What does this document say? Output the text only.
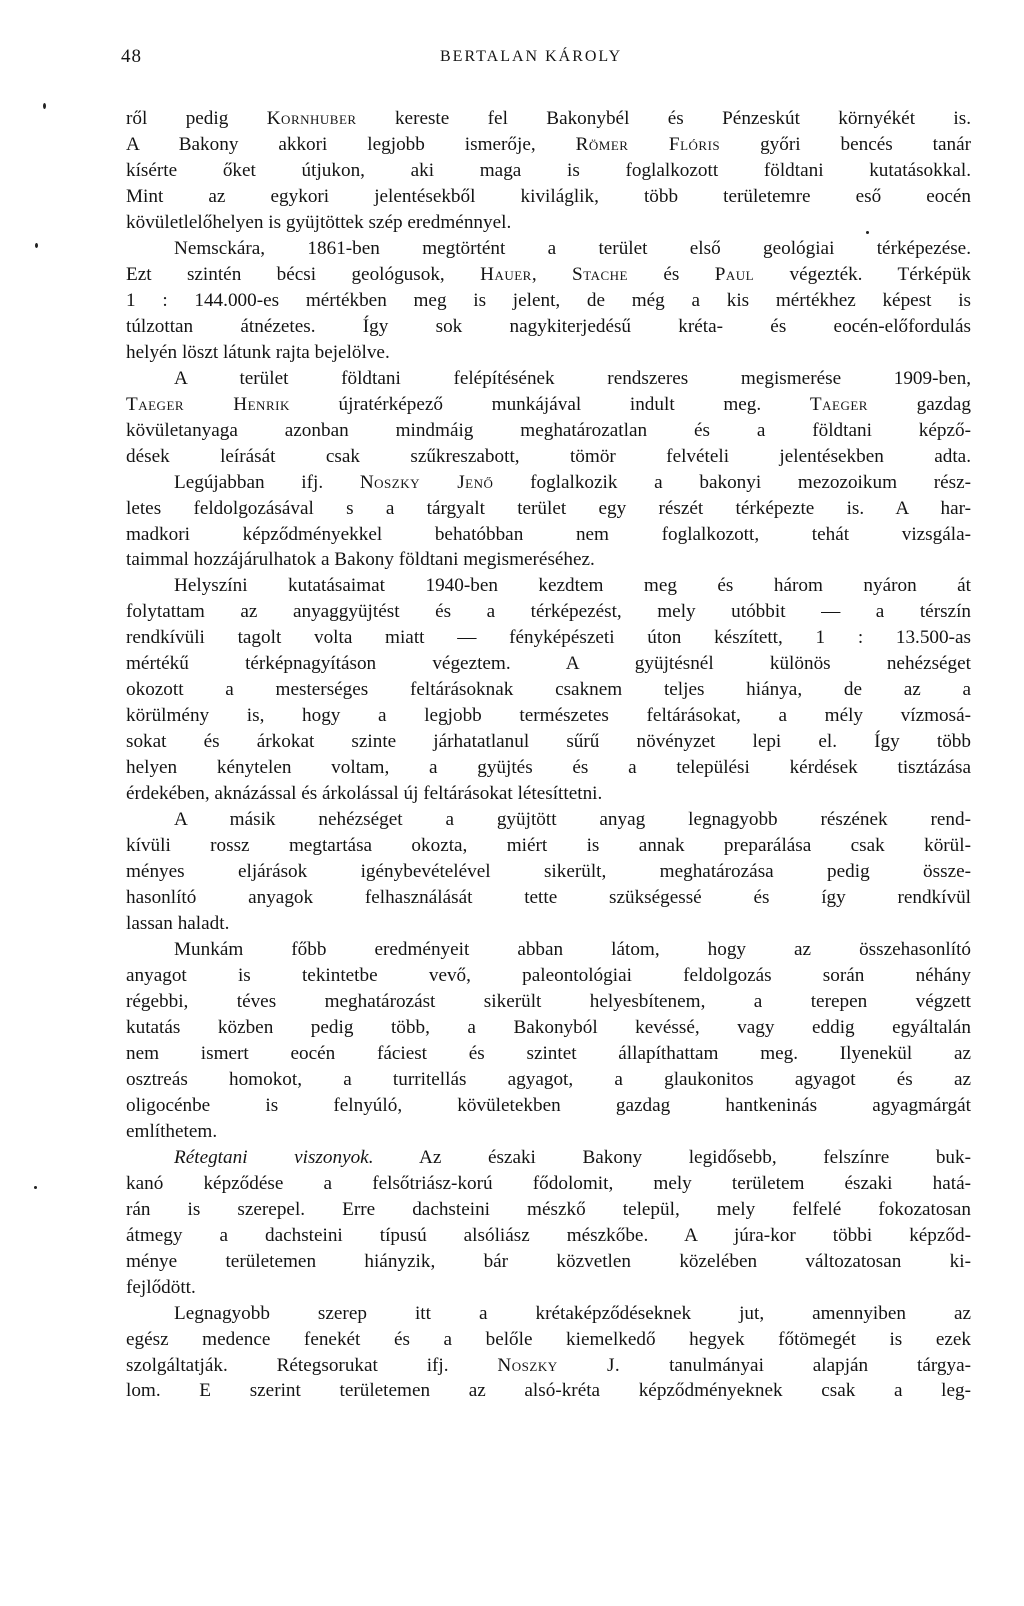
48	BERTALAN KÁROLY
ről pedig Kornhuber kereste fel Bakonybél és Pénzeskút környékét is.
A Bakony akkori legjobb ismerője, Römer Flóris győri bencés tanár
kísérte őket útjukon, aki maga is foglalkozott földtani kutatásokkal.
Mint az egykori jelentésekből kiviláglik, több területemre eső eocén
kövületlelőhelyen is gyüjtöttek szép eredménnyel.
Nemsckára, 1861-ben megtörtént a terület első geológiai térképezése.
Ezt szintén bécsi geológusok, Hauer, Stache és Paul végezték. Térképük
1 : 144.000-es mértékben meg is jelent, de még a kis mértékhez képest is
túlzottan átnézetes. Így sok nagykiterjedésű kréta- és eocén-előfordulás
helyén löszt látunk rajta bejelölve.
A terület földtani felépítésének rendszeres megismerése 1909-ben,
Taeger Henrik újratérképező munkájával indult meg. Taeger gazdag
kövületanyaga azonban mindmáig meghatározatlan és a földtani képző-
dések leírását csak szűkreszabott, tömör felvételi jelentésekben adta.
Legújabban ifj. Noszky Jenő foglalkozik a bakonyi mezozoikum rész-
letes feldolgozásával s a tárgyalt terület egy részét térképezte is. A har-
madkori képződményekkel behatóbban nem foglalkozott, tehát vizsgála-
taimmal hozzájárulhatok a Bakony földtani megismeréséhez.
Helyszíni kutatásaimat 1940-ben kezdtem meg és három nyáron át
folytattam az anyaggyüjtést és a térképezést, mely utóbbit — a térszín
rendkívüli tagolt volta miatt — fényképészeti úton készített, 1 : 13.500-as
mértékű térképnagyításon végeztem. A gyüjtésnél különös nehézséget
okozott a mesterséges feltárásoknak csaknem teljes hiánya, de az a
körülmény is, hogy a legjobb természetes feltárásokat, a mély vízmosá-
sokat és árkokat szinte járhatatlanul sűrű növényzet lepi el. Így több
helyen kénytelen voltam, a gyüjtés és a települési kérdések tisztázása
érdekében, aknázással és árkolással új feltárásokat létesíttetni.
A másik nehézséget a gyüjtött anyag legnagyobb részének rend-
kívüli rossz megtartása okozta, miért is annak preparálása csak körül-
ményes eljárások igénybevételével sikerült, meghatározása pedig össze-
hasonlító anyagok felhasználását tette szükségessé és így rendkívül
lassan haladt.
Munkám főbb eredményeit abban látom, hogy az összehasonlító
anyagot is tekintetbe vevő, paleontológiai feldolgozás során néhány
régebbi, téves meghatározást sikerült helyesbítenem, a terepen végzett
kutatás közben pedig több, a Bakonyból kevéssé, vagy eddig egyáltalán
nem ismert eocén fáciest és szintet állapíthattam meg. Ilyenekül az
osztreás homokot, a turritellás agyagot, a glaukonitos agyagot és az
oligocénbe is felnyúló, kövületekben gazdag hantkeninás agyagmárgát
említhetem.
Rétegtani viszonyok. Az északi Bakony legidősebb, felszínre buk-
kanó képződése a felsőtriász-korú fődolomit, mely területem északi hatá-
rán is szerepel. Erre dachsteini mészkő települ, mely felfelé fokozatosan
átmegy a dachsteini típusú alsóliász mészkőbe. A júra-kor többi képződ-
ménye területemen hiányzik, bár közvetlen közelében változatosan ki-
fejlődött.
Legnagyobb szerep itt a krétaképződéseknek jut, amennyiben az
egész medence fenekét és a belőle kiemelkedő hegyek főtömegét is ezek
szolgáltatják. Rétegsorukat ifj. Noszky J. tanulmányai alapján tárgya-
lom. E szerint területemen az alsó-kréta képződményeknek csak a leg-
